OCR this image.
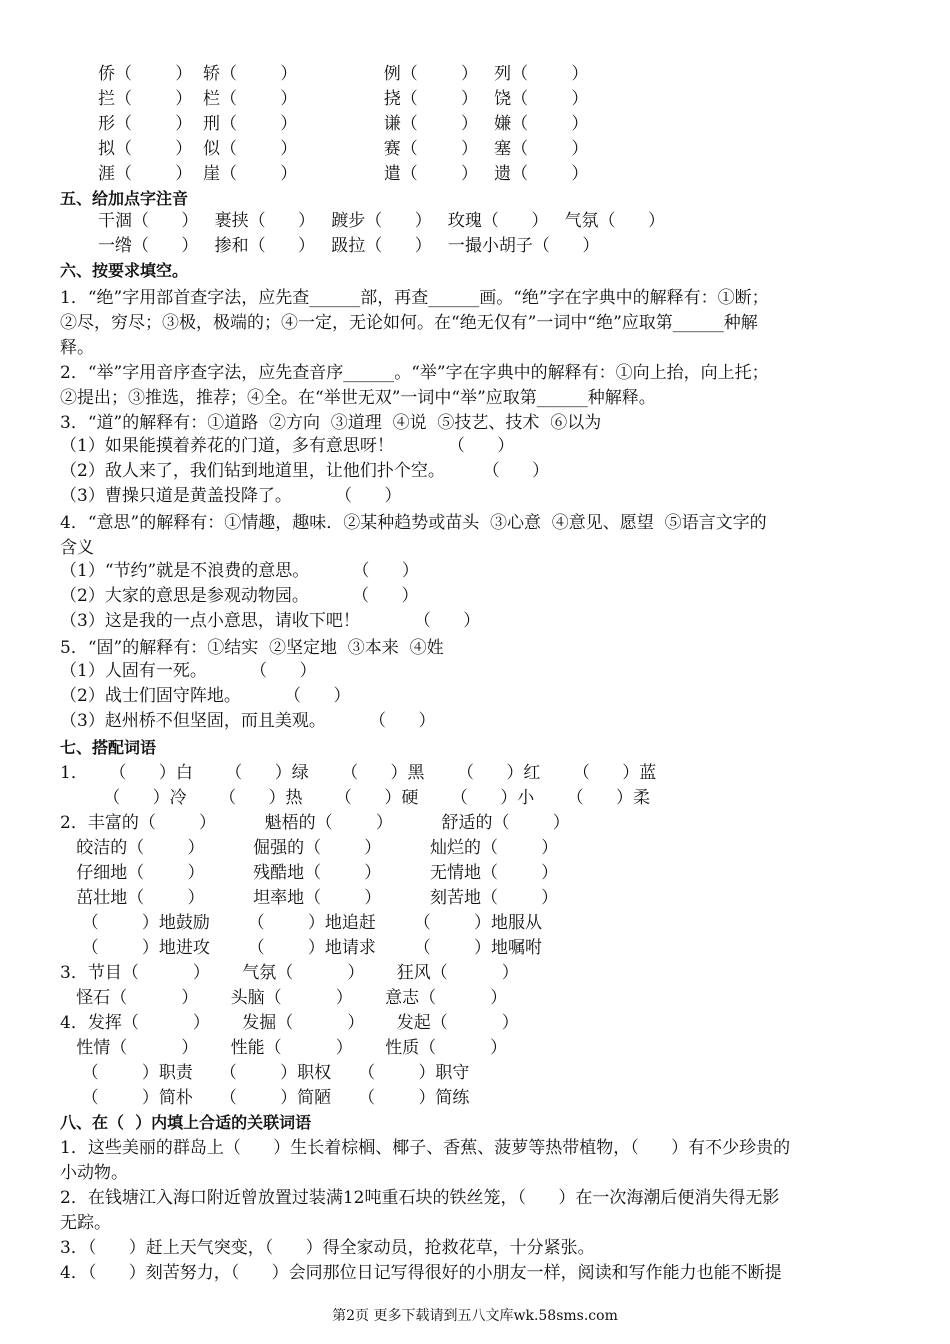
侨（        ）  轿（        ）                例（        ）   列（        ）
拦（        ）  栏（        ）                挠（        ）   饶（        ）
形（        ）  刑（        ）                谦（        ）   嫌（        ）
拟（        ）  似（        ）                赛（        ）   塞（        ）
涯（        ）  崖（        ）                遣（        ）   遗（        ）
五、给加点字注音
干涸（      ）   裹挟（      ）   踱步（      ）   玫瑰（      ）   气氛（      ）
一绺（      ）   掺和（      ）   趿拉（      ）   一撮小胡子（      ）
六、按要求填空。
1．“绝”字用部首查字法，应先查______部，再查______画。“绝”字在字典中的解释有：①断；
②尽，穷尽；③极，极端的；④一定，无论如何。在“绝无仅有”一词中“绝”应取第______种解
释。
2．“举”字用音序查字法，应先查音序______。“举”字在字典中的解释有：①向上抬，向上托；
②提出；③推选，推荐；④全。在“举世无双”一词中“举”应取第______种解释。
3．“道”的解释有：①道路  ②方向  ③道理  ④说  ⑤技艺、技术  ⑥以为
（1）如果能摸着养花的门道，多有意思呀！          （      ）
（2）敌人来了，我们钻到地道里，让他们扑个空。       （      ）
（3）曹操只道是黄盖投降了。        （      ）
4．“意思”的解释有：①情趣，趣味．②某种趋势或苗头  ③心意  ④意见、愿望  ⑤语言文字的
含义
（1）“节约”就是不浪费的意思。        （      ）
（2）大家的意思是参观动物园。        （      ）
（3）这是我的一点小意思，请收下吧！          （      ）
5．“固”的解释有：①结实  ②坚定地  ③本来  ④姓
（1）人固有一死。        （      ）
（2）战士们固守阵地。        （      ）
（3）赵州桥不但坚固，而且美观。        （      ）
七、搭配词语
1．    （      ）白      （      ）绿      （      ）黑      （      ）红      （      ）蓝
（      ）冷      （      ）热      （      ）硬      （      ）小      （      ）柔
2．丰富的（        ）         魁梧的（        ）         舒适的（        ）
皎洁的（        ）         倔强的（        ）         灿烂的（        ）
仔细地（        ）         残酷地（        ）         无情地（        ）
茁壮地（        ）         坦率地（        ）         刻苦地（        ）
（        ）地鼓励       （        ）地追赶       （        ）地服从
（        ）地进攻       （        ）地请求       （        ）地嘱咐
3．节目（          ）      气氛（          ）      狂风（          ）
怪石（          ）      头脑（          ）      意志（          ）
4．发挥（          ）      发掘（          ）      发起（          ）
性情（          ）      性能（          ）      性质（          ）
（        ）职责     （        ）职权     （        ）职守
（        ）简朴     （        ）简陋     （        ）简练
八、在（  ）内填上合适的关联词语
1．这些美丽的群岛上（      ）生长着棕榈、椰子、香蕉、菠萝等热带植物，（      ）有不少珍贵的
小动物。
2．在钱塘江入海口附近曾放置过装满12吨重石块的铁丝笼，（      ）在一次海潮后便消失得无影
无踪。
3．（      ）赶上天气突变，（      ）得全家动员，抢救花草，十分紧张。
4．（      ）刻苦努力，（      ）会同那位日记写得很好的小朋友一样，阅读和写作能力也能不断提
第2页 更多下载请到五八文库wk.58sms.com
